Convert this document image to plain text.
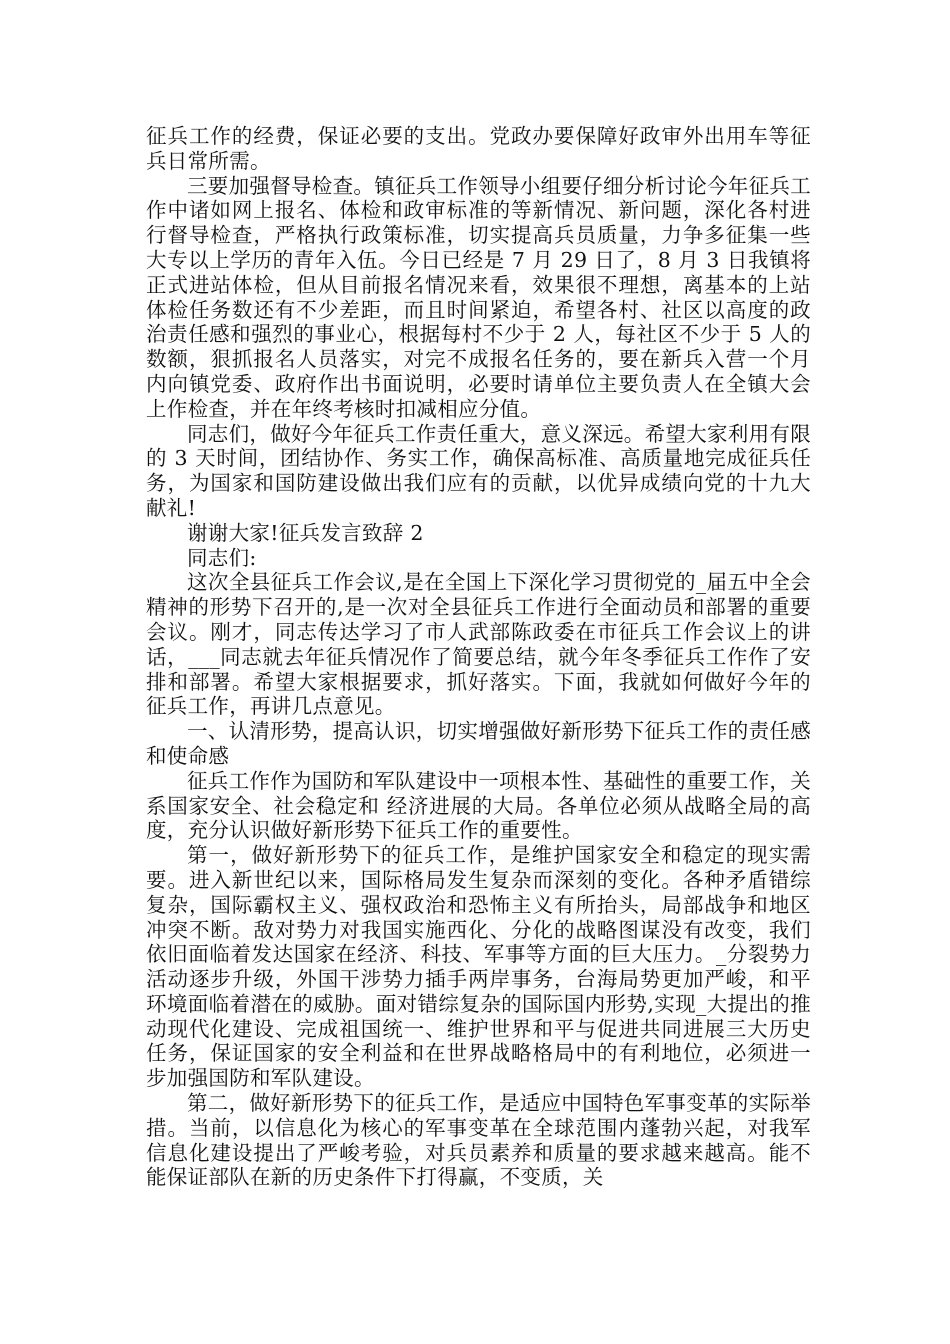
征兵工作的经费，保证必要的支出。党政办要保障好政审外出用车等征兵日常所需。

三要加强督导检查。镇征兵工作领导小组要仔细分析讨论今年征兵工作中诸如网上报名、体检和政审标准的等新情况、新问题，深化各村进行督导检查，严格执行政策标准，切实提高兵员质量，力争多征集一些大专以上学历的青年入伍。今日已经是 7 月 29 日了，8 月 3 日我镇将正式进站体检，但从目前报名情况来看，效果很不理想，离基本的上站体检任务数还有不少差距，而且时间紧迫，希望各村、社区以高度的政治责任感和强烈的事业心，根据每村不少于 2 人，每社区不少于 5 人的数额，狠抓报名人员落实，对完不成报名任务的，要在新兵入营一个月内向镇党委、政府作出书面说明，必要时请单位主要负责人在全镇大会上作检查，并在年终考核时扣减相应分值。

同志们，做好今年征兵工作责任重大，意义深远。希望大家利用有限的 3 天时间，团结协作、务实工作，确保高标准、高质量地完成征兵任务，为国家和国防建设做出我们应有的贡献，以优异成绩向党的十九大献礼!

谢谢大家!征兵发言致辞 2

同志们:

这次全县征兵工作会议,是在全国上下深化学习贯彻党的_届五中全会精神的形势下召开的,是一次对全县征兵工作进行全面动员和部署的重要会议。刚才，同志传达学习了市人武部陈政委在市征兵工作会议上的讲话，___同志就去年征兵情况作了简要总结，就今年冬季征兵工作作了安排和部署。希望大家根据要求，抓好落实。下面，我就如何做好今年的征兵工作，再讲几点意见。

一、认清形势，提高认识，切实增强做好新形势下征兵工作的责任感和使命感

征兵工作作为国防和军队建设中一项根本性、基础性的重要工作，关系国家安全、社会稳定和 经济进展的大局。各单位必须从战略全局的高度，充分认识做好新形势下征兵工作的重要性。

第一，做好新形势下的征兵工作，是维护国家安全和稳定的现实需要。进入新世纪以来，国际格局发生复杂而深刻的变化。各种矛盾错综复杂，国际霸权主义、强权政治和恐怖主义有所抬头，局部战争和地区冲突不断。敌对势力对我国实施西化、分化的战略图谋没有改变，我们依旧面临着发达国家在经济、科技、军事等方面的巨大压力。_分裂势力活动逐步升级，外国干涉势力插手两岸事务，台海局势更加严峻，和平环境面临着潜在的威胁。面对错综复杂的国际国内形势,实现_大提出的推动现代化建设、完成祖国统一、维护世界和平与促进共同进展三大历史任务，保证国家的安全利益和在世界战略格局中的有利地位，必须进一步加强国防和军队建设。

第二，做好新形势下的征兵工作，是适应中国特色军事变革的实际举措。当前，以信息化为核心的军事变革在全球范围内蓬勃兴起，对我军信息化建设提出了严峻考验，对兵员素养和质量的要求越来越高。能不能保证部队在新的历史条件下打得赢，不变质，关
